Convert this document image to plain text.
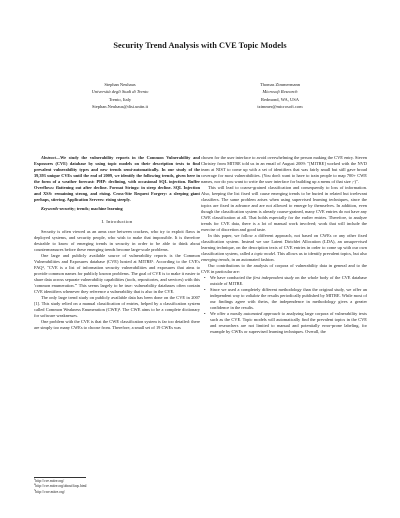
Security Trend Analysis with CVE Topic Models
Stephan Neuhaus
Università degli Studi di Trento
Trento, Italy
Stephan.Neuhaus@disi.unitn.it
Thomas Zimmermann
Microsoft Research
Redmond, WA, USA
tzimmer@microsoft.com

Abstract—We study the vulnerability reports in the Common Vulnerability and Exposures (CVE) database by using topic models on their description texts to find prevalent vulnerability types and new trends semi-automatically. In our study of the 39,393 unique CVEs until the end of 2009, we identify the following trends, given here in the form of a weather forecast: PHP: declining, with occasional SQL injection. Buffer Overflows: flattening out after decline. Format Strings: in steep decline. SQL Injection and XSS: remaining strong, and rising. Cross-Site Request Forgery: a sleeping giant perhaps, stirring. Application Servers: rising steeply.

Keywords-security; trends; machine learning

I. Introduction

Security is often viewed as an arms race between crackers, who try to exploit flaws in deployed systems, and security people, who wish to make that impossible. It is therefore desirable to know of emerging trends in security in order to be able to think about countermeasures before these emerging trends become large-scale problems.

One large and publicly available source of vulnerability reports is the Common Vulnerabilities and Exposures database (CVE) hosted at MITRE¹. According to the CVE's FAQ², "CVE is a list of information security vulnerabilities and exposures that aims to provide common names for publicly known problems. The goal of CVE is to make it easier to share data across separate vulnerability capabilities (tools, repositories, and services) with this 'common enumeration.'" This seems largely to be true: vulnerability databases often contain CVE identifiers whenever they reference a vulnerability that is also in the CVE.

The only large trend study on publicly available data has been done on the CVE in 2007 [1]. This study relied on a manual classification of entries, helped by a classification system called Common Weakness Enumeration (CWE)³. The CWE aims to be a complete dictionary for software weaknesses.

One problem with the CVE is that the CWE classification system is far too detailed: there are simply too many CWEs to choose from. Therefore, a small set of 19 CWEs was

chosen for the user interface to avoid overwhelming the person making the CVE entry. Steven Christey from MITRE told us in an email of August 2009: "[MITRE] worked with the NVD team at NIST to come up with a set of identifiers that was fairly small but still gave broad coverage for most vulnerabilities. (You don't want to have to train people to map 700+ CWE names, nor do you want to write the user interface for building up a menu of that size ;-)".

This will lead to coarse-grained classification and consequently to loss of information. Also, keeping the list fixed will cause emerging trends to be buried in related but irrelevant classifiers. The same problem arises when using supervised learning techniques, since the topics are fixed in advance and are not allowed to emerge by themselves. In addition, even though the classification system is already coarse-grained, many CVE entries do not have any CWE classification at all. That holds especially for the earlier entries. Therefore, to analyze trends for CVE data, there is a lot of manual work involved; work that will include the exercise of discretion and good taste.

In this paper, we follow a different approach, not based on CWEs or any other fixed classification system. Instead we use Latent Dirichlet Allocation (LDA), an unsupervised learning technique, on the description texts of CVE entries in order to come up with our own classification system, called a topic model. This allows us to identify prevalent topics, but also emerging trends, in an automated fashion.

Our contributions to the analysis of corpora of vulnerability data in general and to the CVE in particular are:

• We have conducted the first independent study on the whole body of the CVE database outside of MITRE.
• Since we used a completely different methodology than the original study, we offer an independent way to validate the results periodically published by MITRE. While most of our findings agree with theirs, the independence in methodology gives a greater confidence in the results.
• We offer a mostly automated approach to analyzing large corpora of vulnerability texts such as the CVE. Topic models will automatically find the prevalent topics in the CVE and researchers are not limited to manual and potentially error-prone labeling, for example by CWEs or supervised learning techniques. Overall, the
$^1$http://cve.mitre.org/
$^2$http://cve.mitre.org/about/faqs.html
$^3$http://cwe.mitre.org/
